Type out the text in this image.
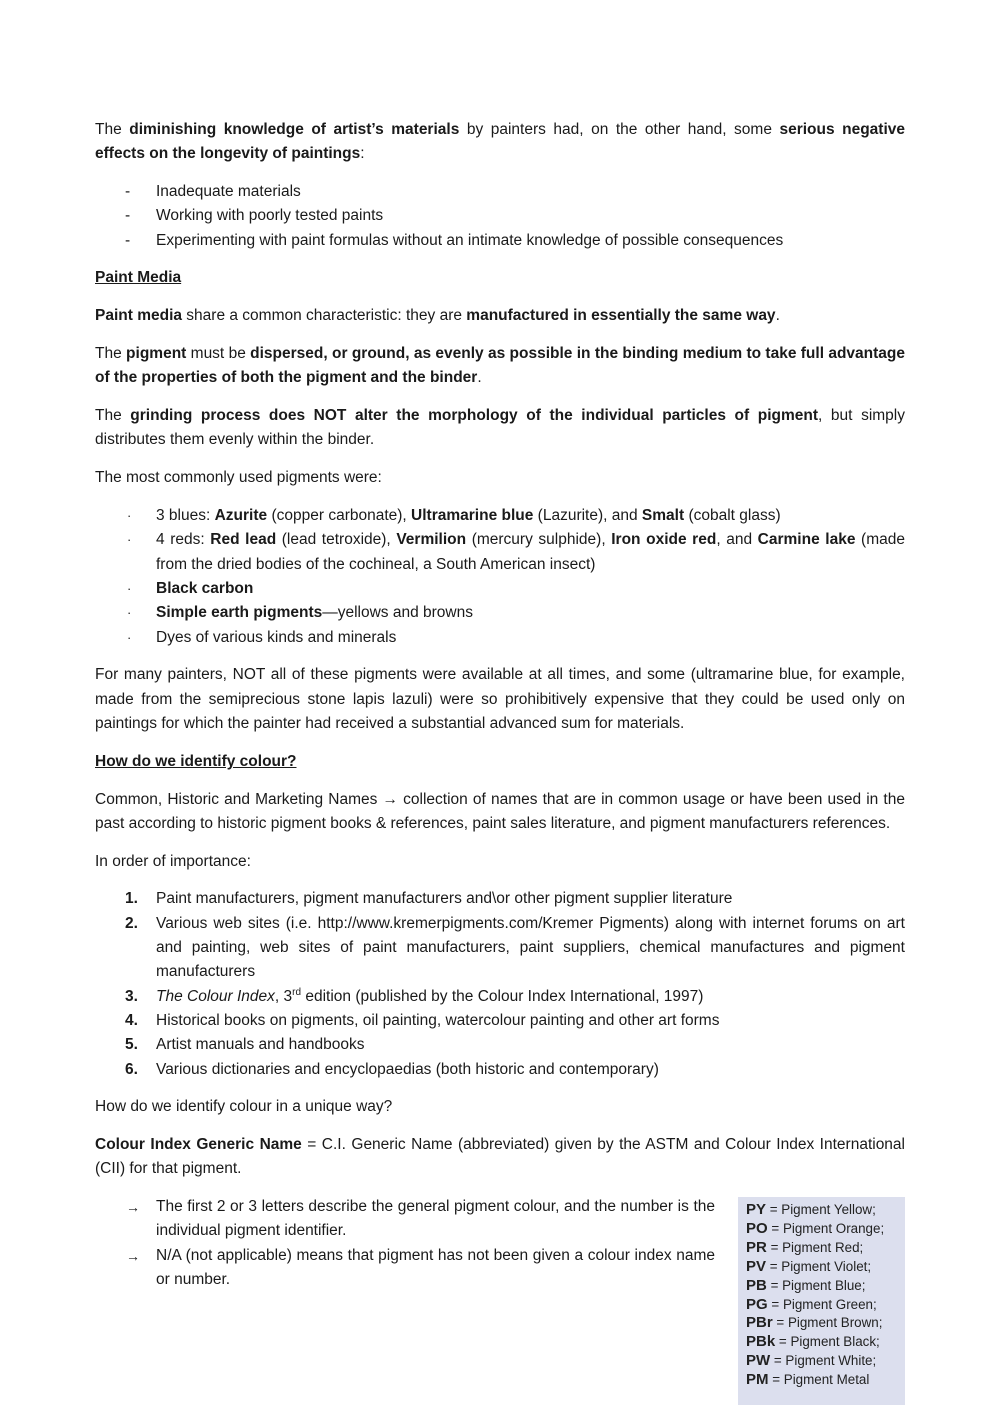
The diminishing knowledge of artist’s materials by painters had, on the other hand, some serious negative effects on the longevity of paintings:

-	Inadequate materials
-	Working with poorly tested paints
-	Experimenting with paint formulas without an intimate knowledge of possible consequences

Paint Media

Paint media share a common characteristic: they are manufactured in essentially the same way.

The pigment must be dispersed, or ground, as evenly as possible in the binding medium to take full advantage of the properties of both the pigment and the binder.

The grinding process does NOT alter the morphology of the individual particles of pigment, but simply distributes them evenly within the binder.

The most commonly used pigments were:

·	3 blues: Azurite (copper carbonate), Ultramarine blue (Lazurite), and Smalt (cobalt glass)
·	4 reds: Red lead (lead tetroxide), Vermilion (mercury sulphide), Iron oxide red, and Carmine lake (made from the dried bodies of the cochineal, a South American insect)
·	Black carbon
·	Simple earth pigments—yellows and browns
·	Dyes of various kinds and minerals

For many painters, NOT all of these pigments were available at all times, and some (ultramarine blue, for example, made from the semiprecious stone lapis lazuli) were so prohibitively expensive that they could be used only on paintings for which the painter had received a substantial advanced sum for materials.

How do we identify colour?

Common, Historic and Marketing Names → collection of names that are in common usage or have been used in the past according to historic pigment books & references, paint sales literature, and pigment manufacturers references.

In order of importance:

1.	Paint manufacturers, pigment manufacturers and\or other pigment supplier literature
2.	Various web sites (i.e. http://www.kremerpigments.com/Kremer Pigments) along with internet forums on art and painting, web sites of paint manufacturers, paint suppliers, chemical manufactures and pigment manufacturers
3.	The Colour Index, 3rd edition (published by the Colour Index International, 1997)
4.	Historical books on pigments, oil painting, watercolour painting and other art forms
5.	Artist manuals and handbooks
6.	Various dictionaries and encyclopaedias (both historic and contemporary)

How do we identify colour in a unique way?

Colour Index Generic Name = C.I. Generic Name (abbreviated) given by the ASTM and Colour Index International (CII) for that pigment.

→	The first 2 or 3 letters describe the general pigment colour, and the number is the individual pigment identifier.
→	N/A (not applicable) means that pigment has not been given a colour index name or number.
PY = Pigment Yellow;
PO = Pigment Orange;
PR = Pigment Red;
PV = Pigment Violet;
PB = Pigment Blue;
PG = Pigment Green;
PBr = Pigment Brown;
PBk = Pigment Black;
PW = Pigment White;
PM = Pigment Metal
